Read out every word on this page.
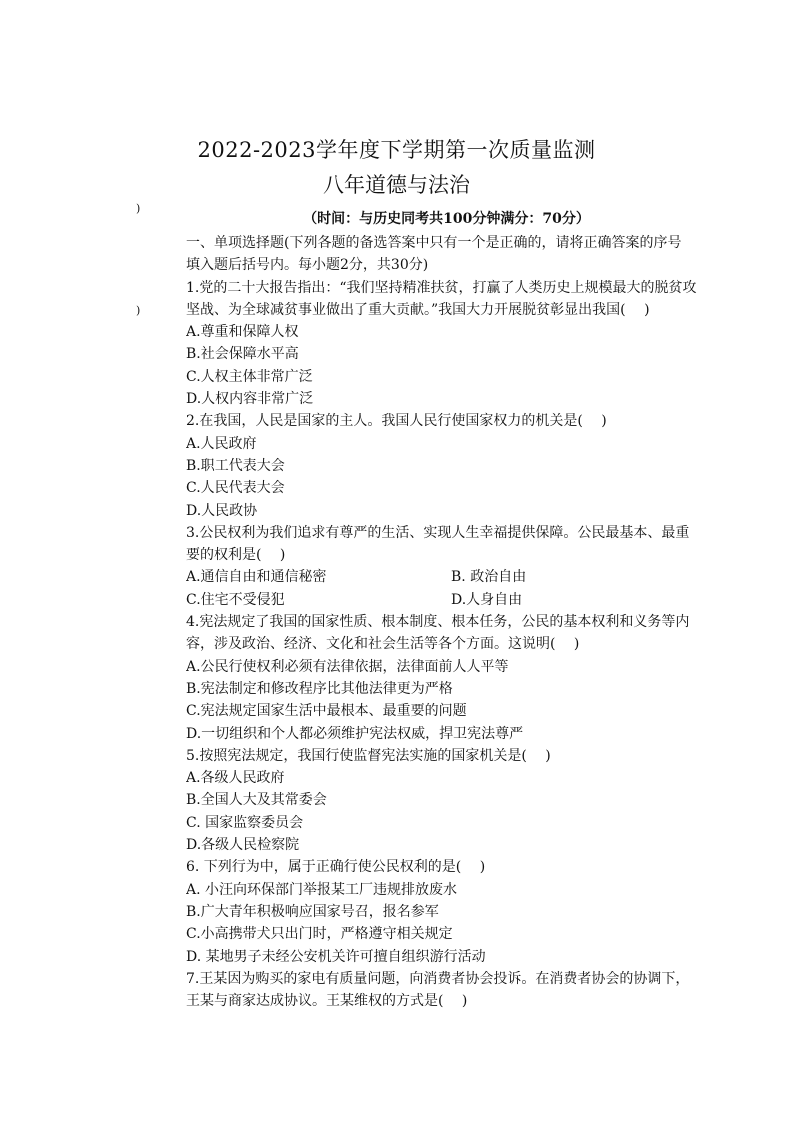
2022-2023学年度下学期第一次质量监测
八年道德与法治
)
（时间：与历史同考共100分钟满分：70分）
)
一、单项选择题(下列各题的备选答案中只有一个是正确的，请将正确答案的序号
填入题后括号内。每小题2分，共30分)
1.党的二十大报告指出：“我们坚持精准扶贫，打赢了人类历史上规模最大的脱贫攻
坚战、为全球减贫事业做出了重大贡献。”我国大力开展脱贫彰显出我国(　 )
A.尊重和保障人权
B.社会保障水平高
C.人权主体非常广泛
D.人权内容非常广泛
2.在我国，人民是国家的主人。我国人民行使国家权力的机关是(　 )
A.人民政府
B.职工代表大会
C.人民代表大会
D.人民政协
3.公民权利为我们追求有尊严的生活、实现人生幸福提供保障。公民最基本、最重
要的权利是(　 )
A.通信自由和通信秘密	B. 政治自由
C.住宅不受侵犯	D.人身自由
4.宪法规定了我国的国家性质、根本制度、根本任务，公民的基本权利和义务等内
容，涉及政治、经济、文化和社会生活等各个方面。这说明(　 )
A.公民行使权利必须有法律依据，法律面前人人平等
B.宪法制定和修改程序比其他法律更为严格
C.宪法规定国家生活中最根本、最重要的问题
D.一切组织和个人都必须维护宪法权威，捍卫宪法尊严
5.按照宪法规定，我国行使监督宪法实施的国家机关是(　 )
A.各级人民政府
B.全国人大及其常委会
C. 国家监察委员会
D.各级人民检察院
6. 下列行为中，属于正确行使公民权利的是(　 )
A. 小汪向环保部门举报某工厂违规排放废水
B.广大青年积极响应国家号召，报名参军
C.小高携带犬只出门时，严格遵守相关规定
D. 某地男子未经公安机关许可擅自组织游行活动
7.王某因为购买的家电有质量问题，向消费者协会投诉。在消费者协会的协调下，
王某与商家达成协议。王某维权的方式是(　 )
